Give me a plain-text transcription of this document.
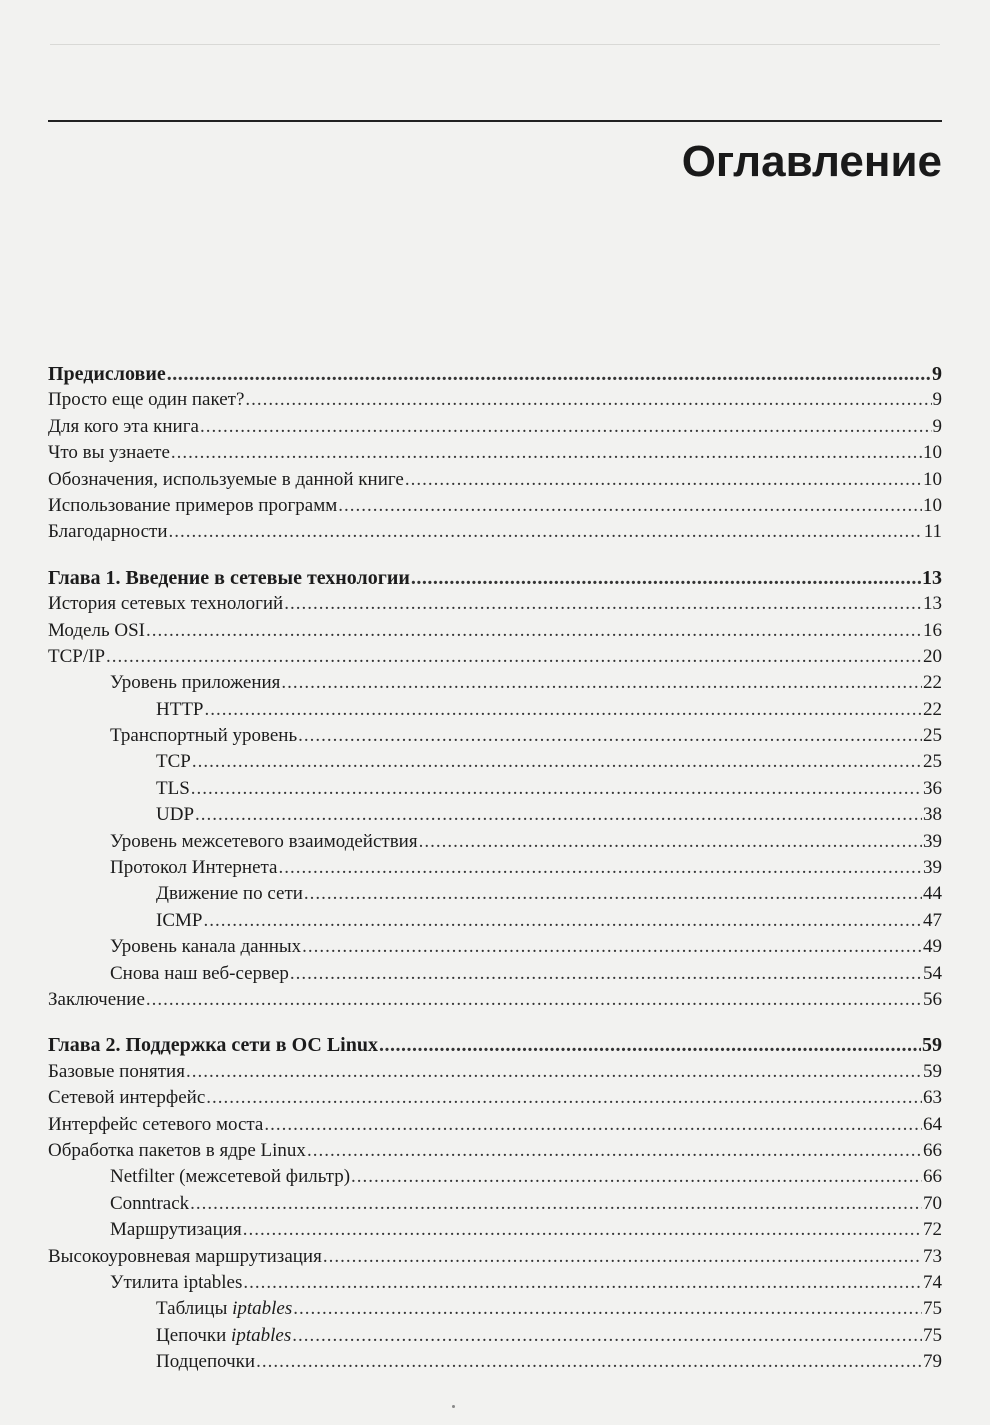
Оглавление
Предисловие .....	9
Просто еще один пакет? .....	9
Для кого эта книга .....	9
Что вы узнаете .....	10
Обозначения, используемые в данной книге .....	10
Использование примеров программ .....	10
Благодарности .....	11
Глава 1. Введение в сетевые технологии .....	13
История сетевых технологий .....	13
Модель OSI .....	16
TCP/IP .....	20
Уровень приложения .....	22
HTTP .....	22
Транспортный уровень .....	25
TCP .....	25
TLS .....	36
UDP .....	38
Уровень межсетевого взаимодействия .....	39
Протокол Интернета .....	39
Движение по сети .....	44
ICMP .....	47
Уровень канала данных .....	49
Снова наш веб-сервер .....	54
Заключение .....	56
Глава 2. Поддержка сети в ОС Linux .....	59
Базовые понятия .....	59
Сетевой интерфейс .....	63
Интерфейс сетевого моста .....	64
Обработка пакетов в ядре Linux .....	66
Netfilter (межсетевой фильтр) .....	66
Conntrack .....	70
Маршрутизация .....	72
Высокоуровневая маршрутизация .....	73
Утилита iptables .....	74
Таблицы iptables .....	75
Цепочки iptables .....	75
Подцепочки .....	79
